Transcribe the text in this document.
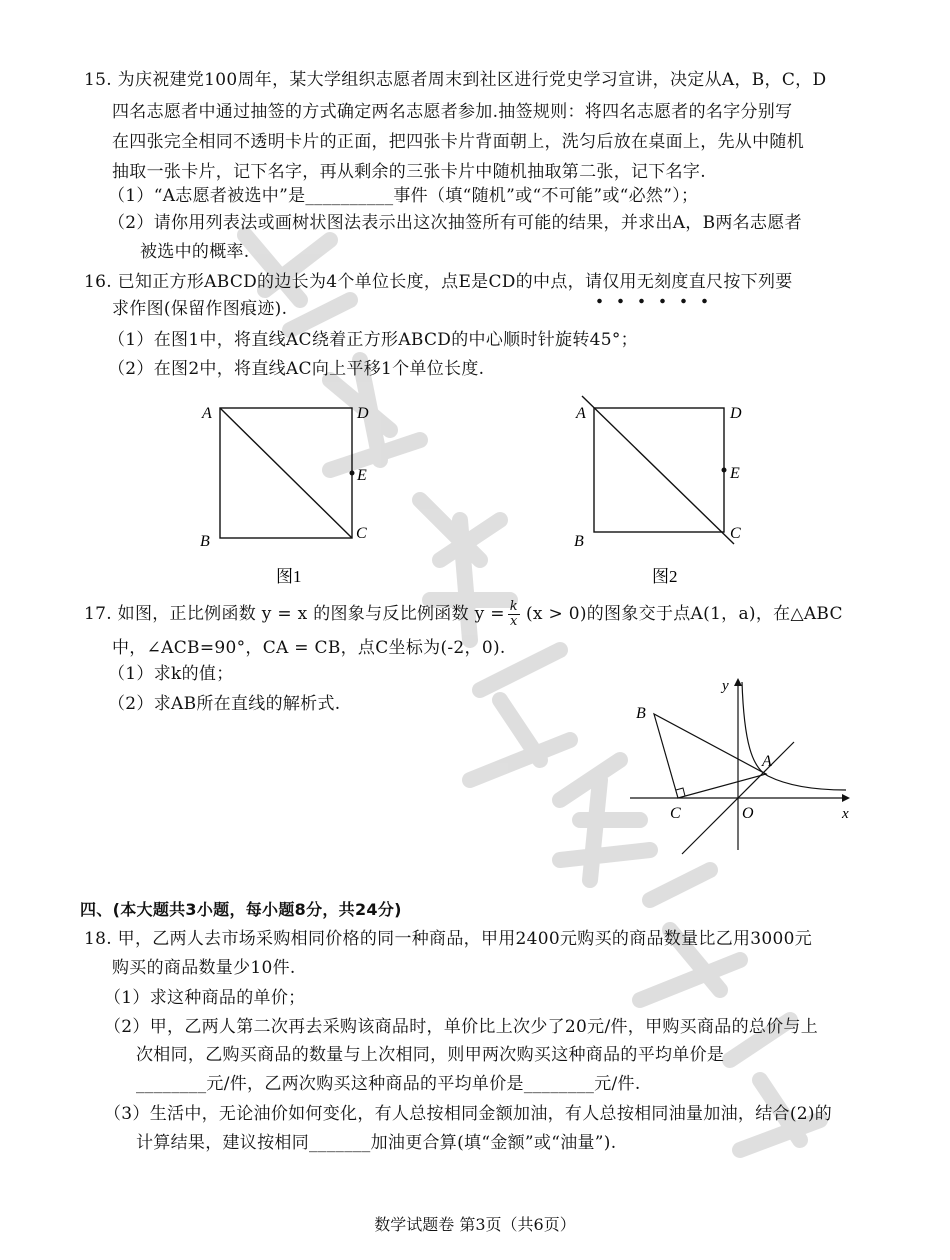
15. 为庆祝建党100周年，某大学组织志愿者周末到社区进行党史学习宣讲，决定从A，B，C，D
四名志愿者中通过抽签的方式确定两名志愿者参加.抽签规则：将四名志愿者的名字分别写
在四张完全相同不透明卡片的正面，把四张卡片背面朝上，洗匀后放在桌面上，先从中随机
抽取一张卡片，记下名字，再从剩余的三张卡片中随机抽取第二张，记下名字.
（1）“A志愿者被选中”是__________事件（填“随机”或“不可能”或“必然”）；
（2）请你用列表法或画树状图法表示出这次抽签所有可能的结果，并求出A，B两名志愿者
被选中的概率.
16. 已知正方形ABCD的边长为4个单位长度，点E是CD的中点，请仅用无刻度直尺
按下列要
求作图(保留作图痕迹).
（1）在图1中，将直线AC绕着正方形ABCD的中心顺时针旋转45°；
（2）在图2中，将直线AC向上平移1个单位长度.
A	D
E
B	C
图1
A	D
E
B	C
图2
17. 如图，正比例函数 y = x 的图象与反比例函数 $y = \frac{k}{x} (x > 0)$的图象交于点A(1，a)，在△ABC
中，∠ACB=90°，CA = CB，点C坐标为(-2，0).
（1）求k的值；
（2）求AB所在直线的解析式.
y
x
B
A
C	O
四、(本大题共3小题，每小题8分，共24分)
18. 甲，乙两人去市场采购相同价格的同一种商品，甲用2400元购买的商品数量比乙用3000元
购买的商品数量少10件.
（1）求这种商品的单价；
（2）甲，乙两人第二次再去采购该商品时，单价比上次少了20元/件，甲购买商品的总价与上
次相同，乙购买商品的数量与上次相同，则甲两次购买这种商品的平均单价是
________元/件，乙两次购买这种商品的平均单价是________元/件.
（3）生活中，无论油价如何变化，有人总按相同金额加油，有人总按相同油量加油，结合(2)的
计算结果，建议按相同_______加油更合算(填“金额”或“油量”).
数学试题卷 第3页（共6页）
